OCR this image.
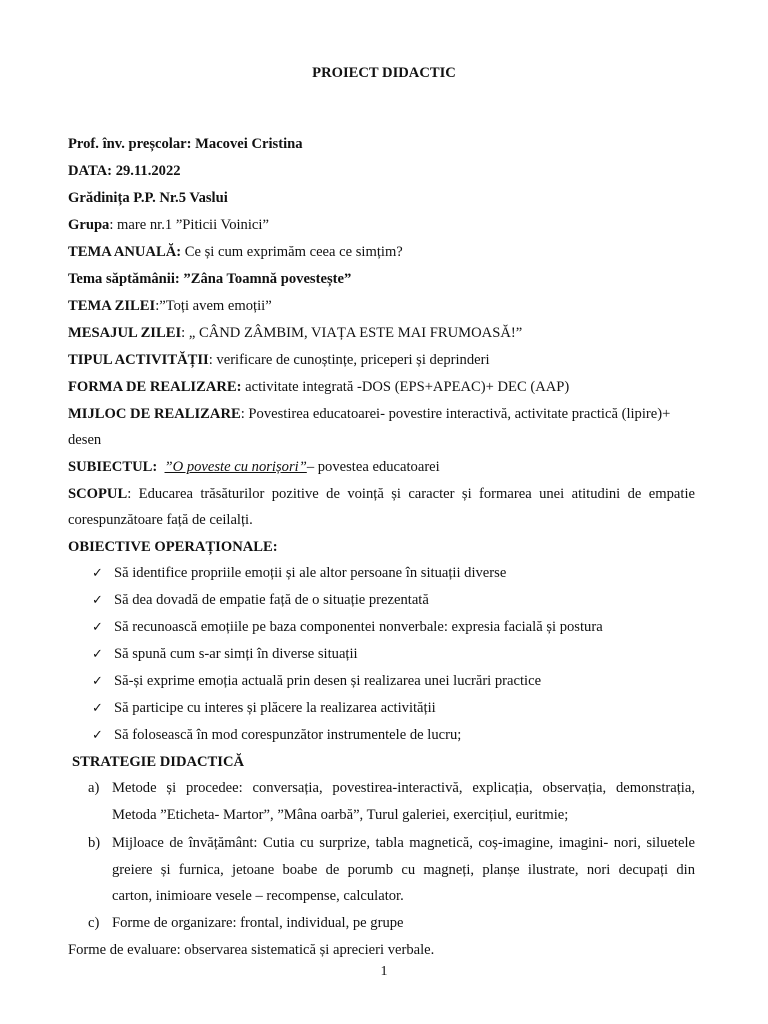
PROIECT DIDACTIC
Prof. înv. preșcolar: Macovei Cristina
DATA: 29.11.2022
Grădinița P.P. Nr.5 Vaslui
Grupa: mare nr.1 ”Piticii Voinici”
TEMA ANUALĂ: Ce și cum exprimăm ceea ce simțim?
Tema săptămânii: ”Zâna Toamnă povestește”
TEMA ZILEI:”Toți avem emoții”
MESAJUL ZILEI: „ CÂND ZÂMBIM, VIAȚA ESTE MAI FRUMOASĂ!”
TIPUL ACTIVITĂȚII: verificare de cunoștințe, priceperi și deprinderi
FORMA DE REALIZARE: activitate integrată -DOS (EPS+APEAC)+ DEC (AAP)
MIJLOC DE REALIZARE: Povestirea educatoarei- povestire interactivă, activitate practică (lipire)+
desen
SUBIECTUL: ”O poveste cu norișori”– povestea educatoarei
SCOPUL: Educarea trăsăturilor pozitive de voință și caracter și formarea unei atitudini de empatie
corespunzătoare față de ceilalți.
OBIECTIVE OPERAȚIONALE:
✓ Să identifice propriile emoții și ale altor persoane în situații diverse
✓ Să dea dovadă de empatie față de o situație prezentată
✓ Să recunoască emoțiile pe baza componentei nonverbale: expresia facială și postura
✓ Să spună cum s-ar simți în diverse situații
✓ Să-și exprime emoția actuală prin desen și realizarea unei lucrări practice
✓ Să participe cu interes și plăcere la realizarea activității
✓ Să folosească în mod corespunzător instrumentele de lucru;
STRATEGIE DIDACTICĂ
a) Metode și procedee: conversația, povestirea-interactivă, explicația, observația, demonstrația,
Metoda ”Eticheta- Martor”, ”Mâna oarbă”, Turul galeriei, exercițiul, euritmie;
b) Mijloace de învățământ: Cutia cu surprize, tabla magnetică, coș-imagine, imagini- nori, siluetele
greiere și furnica, jetoane boabe de porumb cu magneți, planșe ilustrate, nori decupați din
carton, inimioare vesele – recompense, calculator.
c) Forme de organizare: frontal, individual, pe grupe
Forme de evaluare: observarea sistematică și aprecieri verbale.
1
